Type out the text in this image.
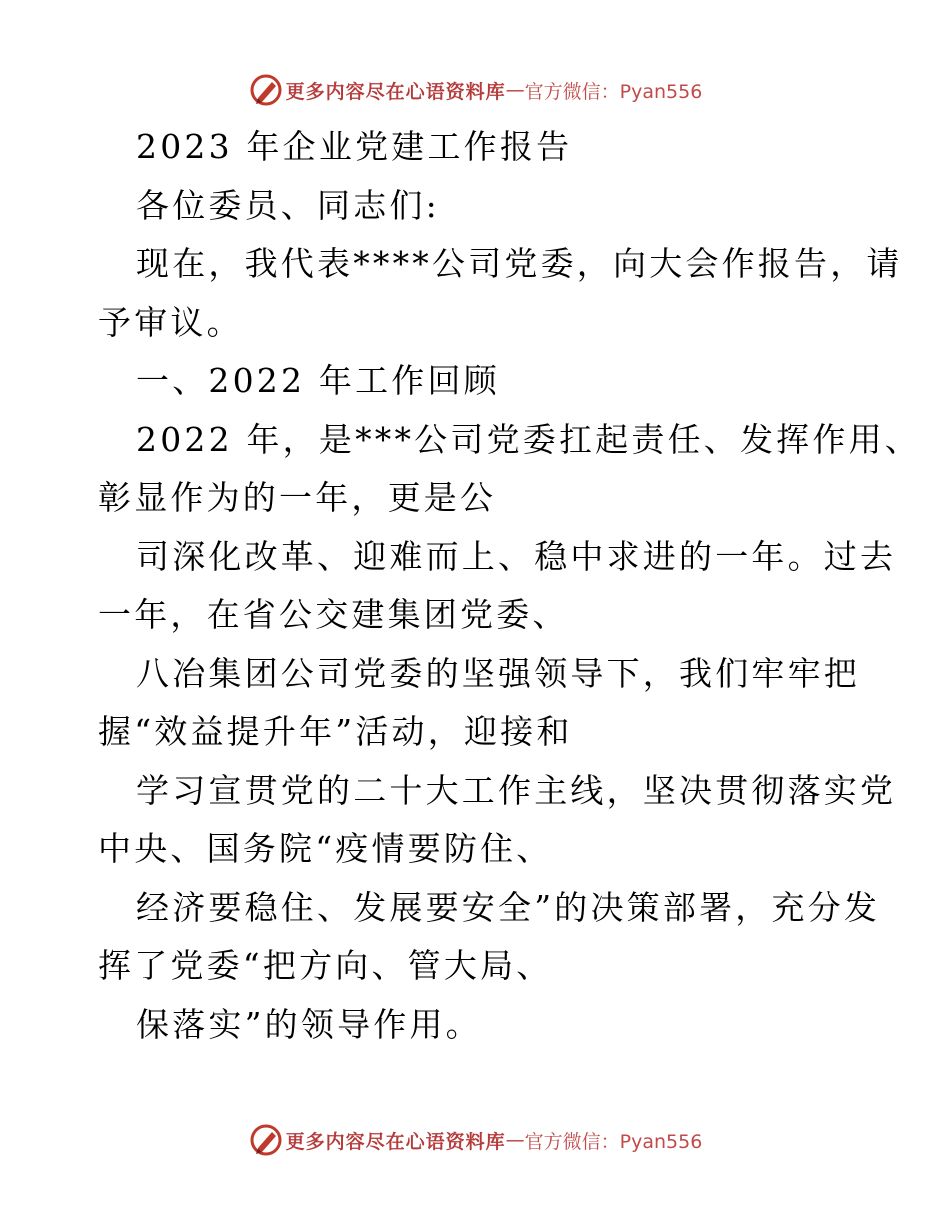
更多内容尽在心语资料库 — 官方微信：Pyan556
2023 年企业党建工作报告
各位委员、同志们:
现在，我代表****公司党委，向大会作报告，请
予审议。
一、2022 年工作回顾
2022 年，是***公司党委扛起责任、发挥作用、
彰显作为的一年，更是公
司深化改革、迎难而上、稳中求进的一年。过去
一年，在省公交建集团党委、
八冶集团公司党委的坚强领导下，我们牢牢把
握“效益提升年”活动，迎接和
学习宣贯党的二十大工作主线，坚决贯彻落实党
中央、国务院“疫情要防住、
经济要稳住、发展要安全”的决策部署，充分发
挥了党委“把方向、管大局、
保落实”的领导作用。
更多内容尽在心语资料库 — 官方微信：Pyan556
